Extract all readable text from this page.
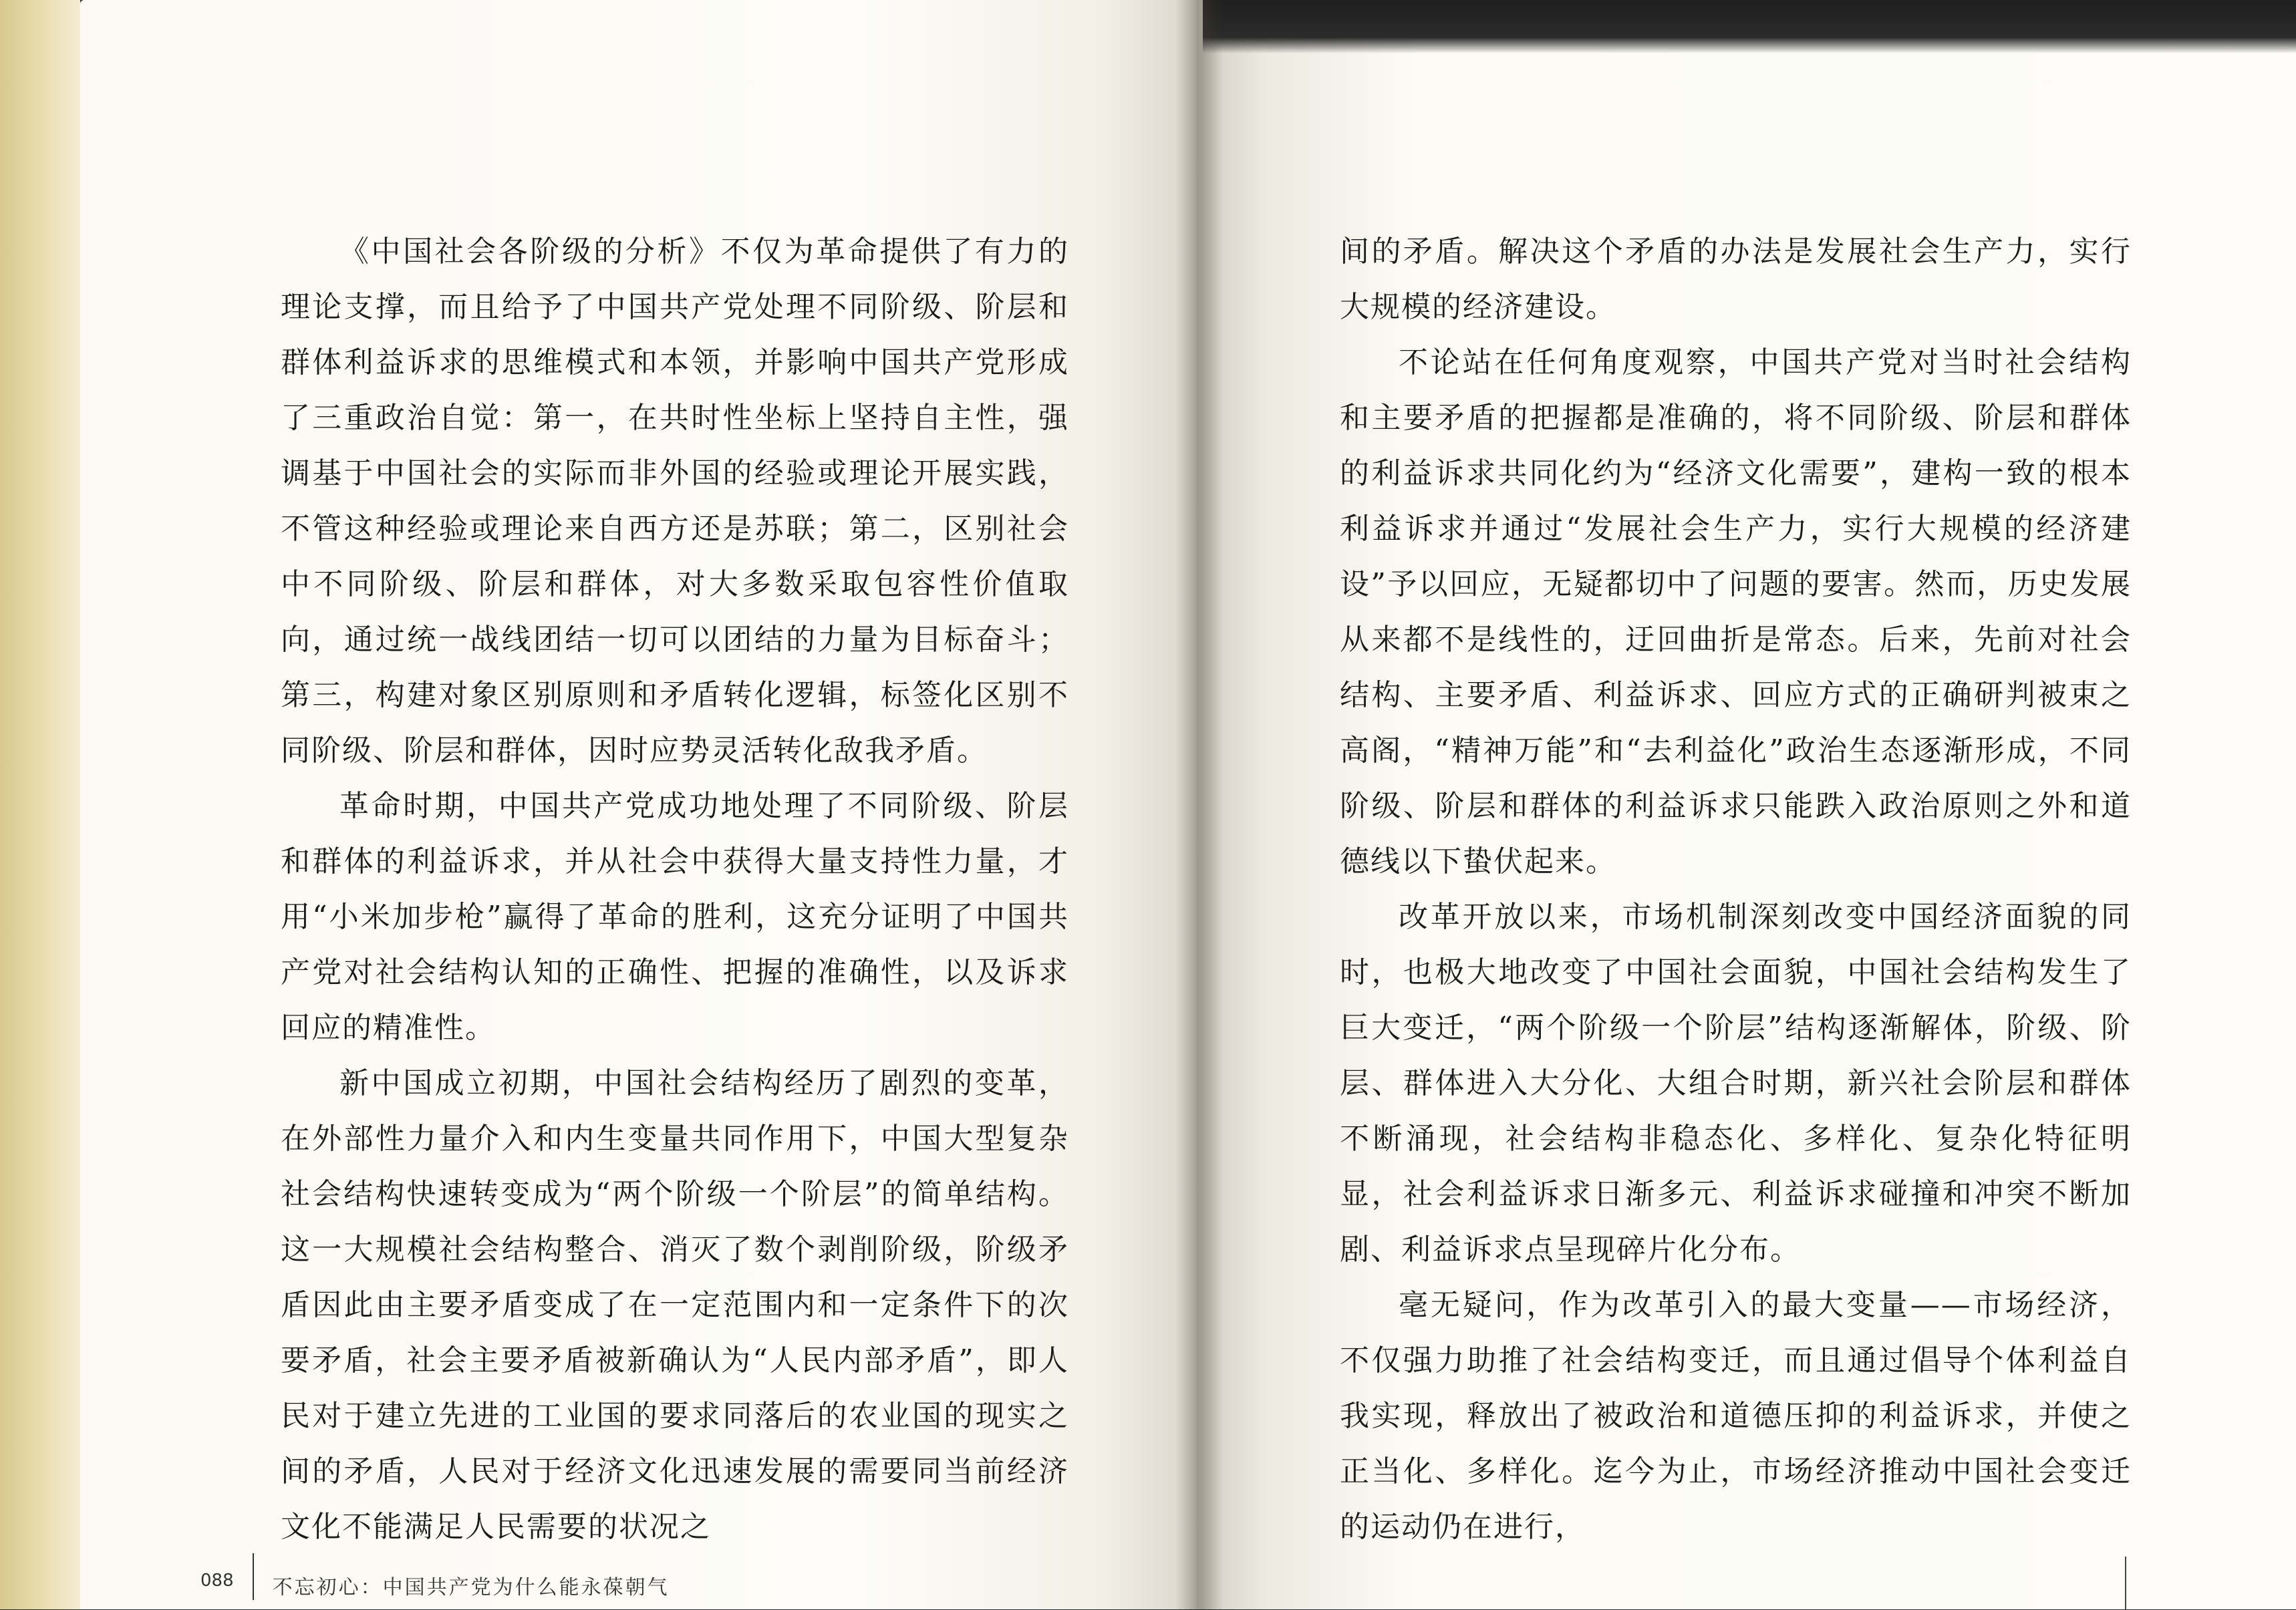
《中国社会各阶级的分析》不仅为革命提供了有力的理论支撑，而且给予了中国共产党处理不同阶级、阶层和群体利益诉求的思维模式和本领，并影响中国共产党形成了三重政治自觉：第一，在共时性坐标上坚持自主性，强调基于中国社会的实际而非外国的经验或理论开展实践，不管这种经验或理论来自西方还是苏联；第二，区别社会中不同阶级、阶层和群体，对大多数采取包容性价值取向，通过统一战线团结一切可以团结的力量为目标奋斗；第三，构建对象区别原则和矛盾转化逻辑，标签化区别不同阶级、阶层和群体，因时应势灵活转化敌我矛盾。

革命时期，中国共产党成功地处理了不同阶级、阶层和群体的利益诉求，并从社会中获得大量支持性力量，才用“小米加步枪”赢得了革命的胜利，这充分证明了中国共产党对社会结构认知的正确性、把握的准确性，以及诉求回应的精准性。

新中国成立初期，中国社会结构经历了剧烈的变革，在外部性力量介入和内生变量共同作用下，中国大型复杂社会结构快速转变成为“两个阶级一个阶层”的简单结构。这一大规模社会结构整合、消灭了数个剥削阶级，阶级矛盾因此由主要矛盾变成了在一定范围内和一定条件下的次要矛盾，社会主要矛盾被新确认为“人民内部矛盾”，即人民对于建立先进的工业国的要求同落后的农业国的现实之间的矛盾，人民对于经济文化迅速发展的需要同当前经济文化不能满足人民需要的状况之

间的矛盾。解决这个矛盾的办法是发展社会生产力，实行大规模的经济建设。

不论站在任何角度观察，中国共产党对当时社会结构和主要矛盾的把握都是准确的，将不同阶级、阶层和群体的利益诉求共同化约为“经济文化需要”，建构一致的根本利益诉求并通过“发展社会生产力，实行大规模的经济建设”予以回应，无疑都切中了问题的要害。然而，历史发展从来都不是线性的，迂回曲折是常态。后来，先前对社会结构、主要矛盾、利益诉求、回应方式的正确研判被束之高阁，“精神万能”和“去利益化”政治生态逐渐形成，不同阶级、阶层和群体的利益诉求只能跌入政治原则之外和道德线以下蛰伏起来。

改革开放以来，市场机制深刻改变中国经济面貌的同时，也极大地改变了中国社会面貌，中国社会结构发生了巨大变迁，“两个阶级一个阶层”结构逐渐解体，阶级、阶层、群体进入大分化、大组合时期，新兴社会阶层和群体不断涌现，社会结构非稳态化、多样化、复杂化特征明显，社会利益诉求日渐多元、利益诉求碰撞和冲突不断加剧、利益诉求点呈现碎片化分布。

毫无疑问，作为改革引入的最大变量——市场经济，不仅强力助推了社会结构变迁，而且通过倡导个体利益自我实现，释放出了被政治和道德压抑的利益诉求，并使之正当化、多样化。迄今为止，市场经济推动中国社会变迁的运动仍在进行，

088 不忘初心：中国共产党为什么能永葆朝气
